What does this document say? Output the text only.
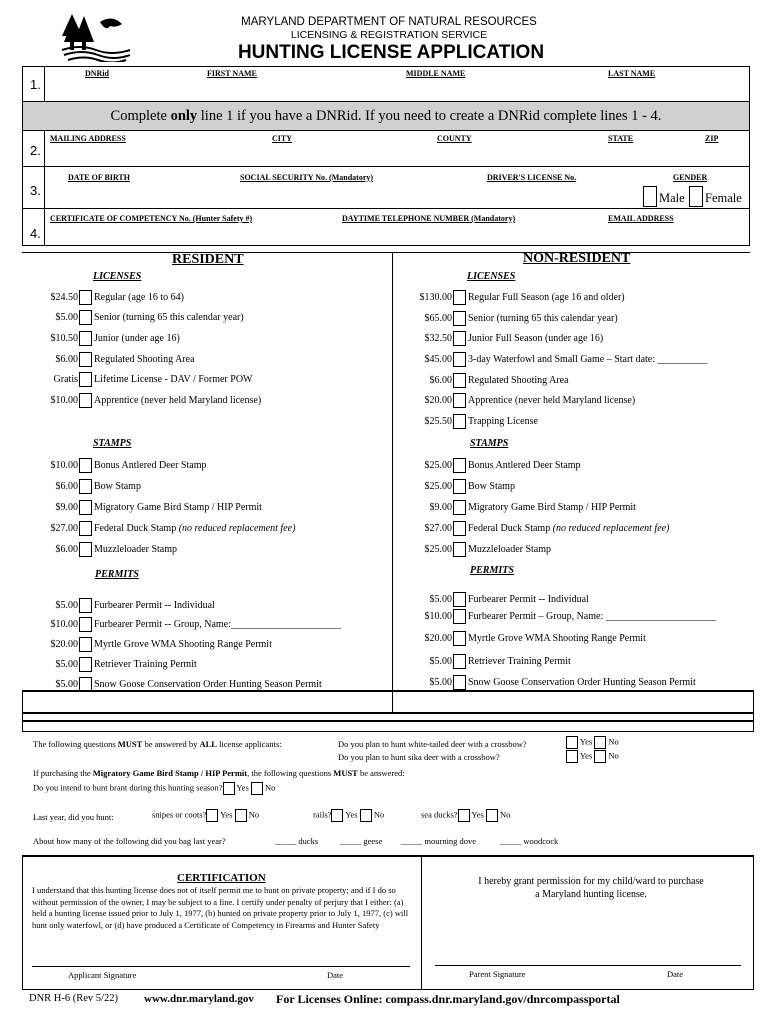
MARYLAND DEPARTMENT OF NATURAL RESOURCES
LICENSING & REGISTRATION SERVICE
HUNTING LICENSE APPLICATION
Complete only line 1 if you have a DNRid. If you need to create a DNRid complete lines 1 - 4.
1.
2.
3.
4.
DNRid	FIRST NAME	MIDDLE NAME	LAST NAME
MAILING ADDRESS	CITY	COUNTY	STATE	ZIP
DATE OF BIRTH	SOCIAL SECURITY No. (Mandatory)	DRIVER'S LICENSE No.	GENDER
Male Female
CERTIFICATE OF COMPETENCY No. (Hunter Safety #)	DAYTIME TELEPHONE NUMBER (Mandatory)	EMAIL ADDRESS
RESIDENT	NON-RESIDENT
LICENSES	LICENSES
STAMPS	STAMPS
PERMITS	PERMITS
$24.50 Regular (age 16 to 64)
$5.00 Senior (turning 65 this calendar year)
$10.50 Junior (under age 16)
$6.00 Regulated Shooting Area
Gratis Lifetime License - DAV / Former POW
$10.00 Apprentice (never held Maryland license)
$10.00 Bonus Antlered Deer Stamp
$6.00 Bow Stamp
$9.00 Migratory Game Bird Stamp / HIP Permit
$27.00 Federal Duck Stamp (no reduced replacement fee)
$6.00 Muzzleloader Stamp
$5.00 Furbearer Permit -- Individual
$10.00 Furbearer Permit -- Group, Name:______________________
$20.00 Myrtle Grove WMA Shooting Range Permit
$5.00 Retriever Training Permit
$5.00 Snow Goose Conservation Order Hunting Season Permit
$130.00 Regular Full Season (age 16 and older)
$65.00 Senior (turning 65 this calendar year)
$32.50 Junior Full Season (under age 16)
$45.00 3-day Waterfowl and Small Game – Start date: __________
$6.00 Regulated Shooting Area
$20.00 Apprentice (never held Maryland license)
$25.50 Trapping License
$25.00 Bonus Antlered Deer Stamp
$25.00 Bow Stamp
$9.00 Migratory Game Bird Stamp / HIP Permit
$27.00 Federal Duck Stamp (no reduced replacement fee)
$25.00 Muzzleloader Stamp
$5.00 Furbearer Permit -- Individual
$10.00 Furbearer Permit – Group, Name: ______________________
$20.00 Myrtle Grove WMA Shooting Range Permit
$5.00 Retriever Training Permit
$5.00 Snow Goose Conservation Order Hunting Season Permit
The following questions MUST be answered by ALL license applicants:	Do you plan to hunt white-tailed deer with a crossbow?	Yes No
Do you plan to hunt sika deer with a crossbow?	Yes No
If purchasing the Migratory Game Bird Stamp / HIP Permit, the following questions MUST be answered:
Do you intend to hunt brant during this hunting season? Yes No
Last year, did you hunt:	snipes or coots? Yes No	rails? Yes No	sea ducks? Yes No
About how many of the following did you bag last year?	_____ ducks	_____ geese _____ mourning dove	_____ woodcock
CERTIFICATION
I understand that this hunting license does not of itself permit me to hunt on private property; and if I do so without permission of the owner, I may be subject to a fine. I certify under penalty of perjury that I either: (a) held a hunting license issued prior to July 1, 1977, (b) hunted on private property prior to July 1, 1977, (c) will hunt only waterfowl, or (d) have produced a Certificate of Competency in Firearms and Hunter Safety
Applicant Signature	Date
I hereby grant permission for my child/ward to purchase a Maryland hunting license.
Parent Signature	Date
DNR H-6 (Rev 5/22) www.dnr.maryland.gov For Licenses Online: compass.dnr.maryland.gov/dnrcompassportal
